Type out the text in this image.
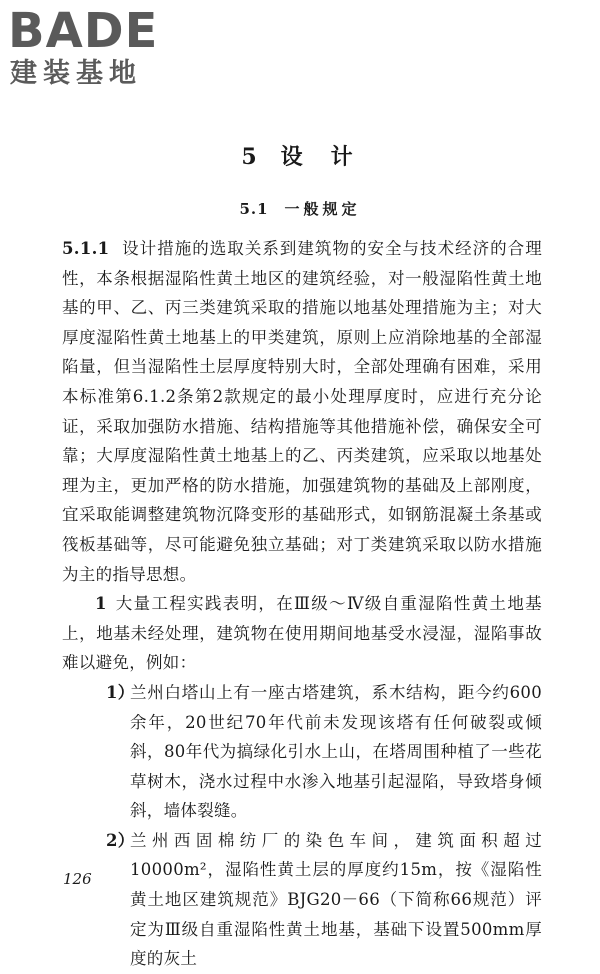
BADE

建装基地

5 设 计
5.1 一般规定

5.1.1 设计措施的选取关系到建筑物的安全与技术经济的合理性，本条根据湿陷性黄土地区的建筑经验，对一般湿陷性黄土地基的甲、乙、丙三类建筑采取的措施以地基处理措施为主；对大厚度湿陷性黄土地基上的甲类建筑，原则上应消除地基的全部湿陷量，但当湿陷性土层厚度特别大时，全部处理确有困难，采用本标准第6.1.2条第2款规定的最小处理厚度时，应进行充分论证，采取加强防水措施、结构措施等其他措施补偿，确保安全可靠；大厚度湿陷性黄土地基上的乙、丙类建筑，应采取以地基处理为主，更加严格的防水措施，加强建筑物的基础及上部刚度，宜采取能调整建筑物沉降变形的基础形式，如钢筋混凝土条基或筏板基础等，尽可能避免独立基础；对丁类建筑采取以防水措施为主的指导思想。

1 大量工程实践表明，在Ⅲ级～Ⅳ级自重湿陷性黄土地基上，地基未经处理，建筑物在使用期间地基受水浸湿，湿陷事故难以避免，例如：

1）
兰州白塔山上有一座古塔建筑，系木结构，距今约600余年，20世纪70年代前未发现该塔有任何破裂或倾斜，80年代为搞绿化引水上山，在塔周围种植了一些花草树木，浇水过程中水渗入地基引起湿陷，导致塔身倾斜，墙体裂缝。

2）
兰州西固棉纺厂的染色车间，建筑面积超过10000m²，湿陷性黄土层的厚度约15m，按《湿陷性黄土地区建筑规范》BJG20－66（下简称66规范）评定为Ⅲ级自重湿陷性黄土地基，基础下设置500mm厚度的灰土

126
